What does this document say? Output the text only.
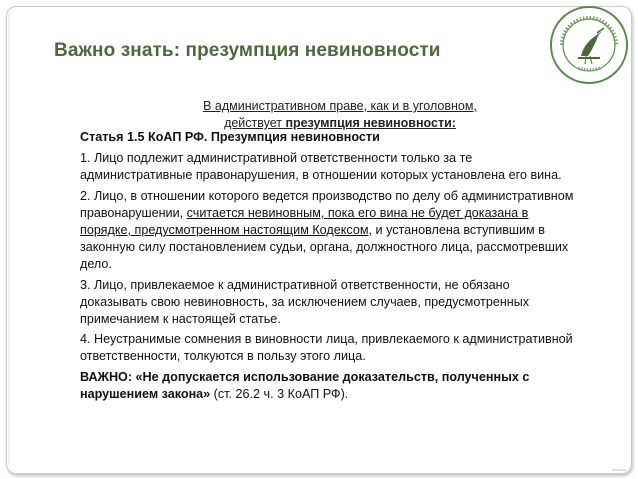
Важно знать: презумпция невиновности
В административном праве, как и в уголовном,
действует презумпция невиновности:
Статья 1.5 КоАП РФ. Презумпция невиновности
1. Лицо подлежит административной ответственности только за те административные правонарушения, в отношении которых установлена его вина.
2. Лицо, в отношении которого ведется производство по делу об административном правонарушении, считается невиновным, пока его вина не будет доказана в порядке, предусмотренном настоящим Кодексом, и установлена вступившим в законную силу постановлением судьи, органа, должностного лица, рассмотревших дело.
3. Лицо, привлекаемое к административной ответственности, не обязано доказывать свою невиновность, за исключением случаев, предусмотренных примечанием к настоящей статье.
4. Неустранимые сомнения в виновности лица, привлекаемого к административной ответственности, толкуются в пользу этого лица.
ВАЖНО: «Не допускается использование доказательств, полученных с нарушением закона» (ст. 26.2 ч. 3 КоАП РФ).
